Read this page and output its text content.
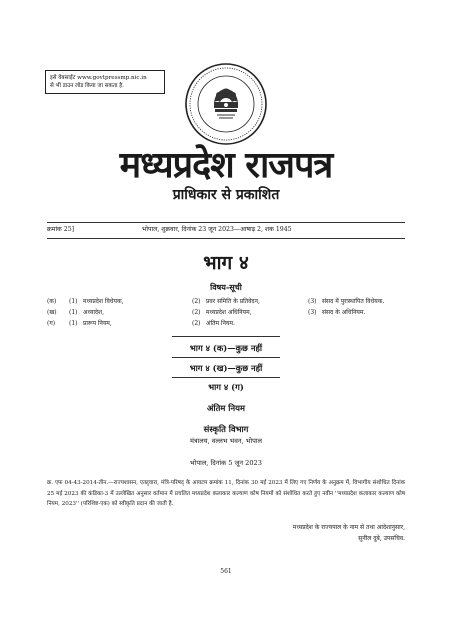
इसे वेबसाईट www.govtpressmp.nic.in
से भी डाउन लोड किया जा सकता है.
मध्यप्रदेश राजपत्र
प्राधिकार से प्रकाशित
क्रमांक 25]	भोपाल, शुक्रवार, दिनांक 23 जून 2023—आषाढ़ 2, शक 1945
भाग ४
विषय-सूची
(क) (1) मध्यप्रदेश विधेयक,
(ख) (1) अध्यादेश,
(ग) (1) प्रारूप नियम,
(2) प्रवर समिति के प्रतिवेदन,
(2) मध्यप्रदेश अधिनियम,
(2) अंतिम नियम.
(3) संसद में पुरःस्थापित विधेयक.
(3) संसद के अधिनियम.
भाग ४ (क)—कुछ नहीं
भाग ४ (ख)—कुछ नहीं
भाग ४ (ग)
अंतिम नियम
संस्कृति विभाग
मंत्रालय, वल्लभ भवन, भोपाल
भोपाल, दिनांक 5 जून 2023
क्र. एफ 04-43-2014-तीन.—राज्यशासन, एतद्द्वारा, मंत्रि-परिषद् के आयटम क्रमांक 11, दिनांक 30 मई 2023 में लिए गए निर्णय के अनुक्रम में, विभागीय संशोधित दिनांक 25 मई 2023 की कंडिका-3 में उल्लेखित अनुसार वर्तमान में प्रचलित मध्यप्रदेश कलाकार कल्याण कोष नियमों को संशोधित करते हुए नवीन ''मध्यप्रदेश कलाकार कल्याण कोष नियम, 2023'' (परिशिष्ट-एक) को स्वीकृति प्रदान की जाती है.
मध्यप्रदेश के राज्यपाल के नाम से तथा आदेशानुसार,
सुनील दुबे, उपसचिव.
561
